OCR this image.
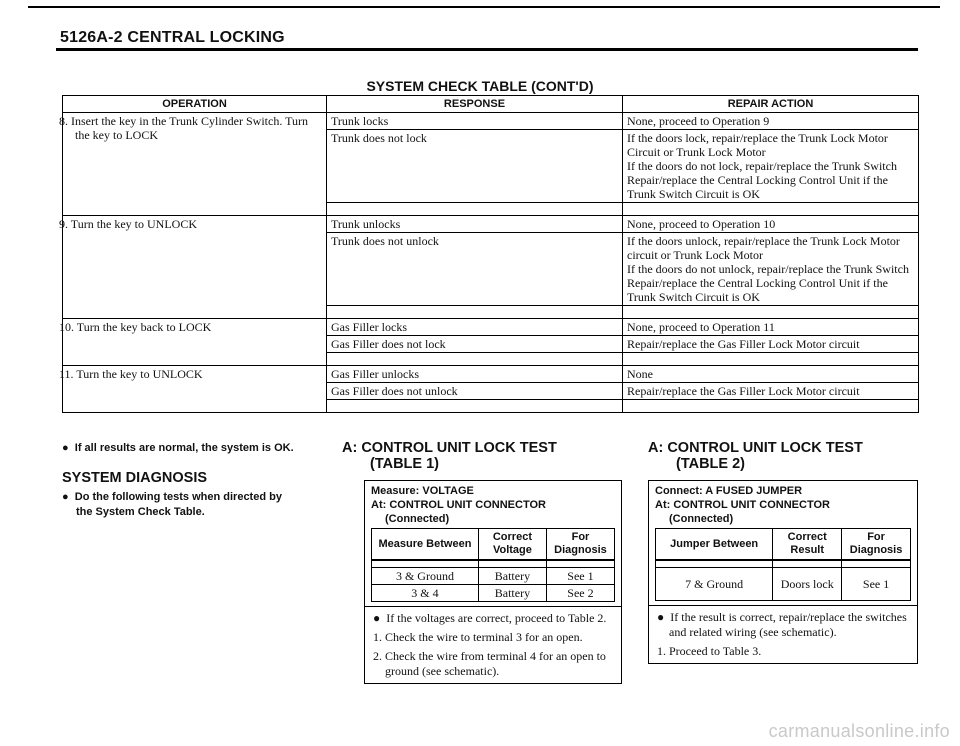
5126A-2 CENTRAL LOCKING
SYSTEM CHECK TABLE (CONT'D)
OPERATION	RESPONSE	REPAIR ACTION
8. Insert the key in the Trunk Cylinder Switch. Turn the key to LOCK	Trunk locks	None, proceed to Operation 9
	Trunk does not lock	If the doors lock, repair/replace the Trunk Lock Motor Circuit or Trunk Lock Motor
If the doors do not lock, repair/replace the Trunk Switch
Repair/replace the Central Locking Control Unit if the Trunk Switch Circuit is OK

9. Turn the key to UNLOCK	Trunk unlocks	None, proceed to Operation 10
	Trunk does not unlock	If the doors unlock, repair/replace the Trunk Lock Motor circuit or Trunk Lock Motor
If the doors do not unlock, repair/replace the Trunk Switch
Repair/replace the Central Locking Control Unit if the Trunk Switch Circuit is OK

10. Turn the key back to LOCK	Gas Filler locks	None, proceed to Operation 11
	Gas Filler does not lock	Repair/replace the Gas Filler Lock Motor circuit

11. Turn the key to UNLOCK	Gas Filler unlocks	None
	Gas Filler does not unlock	Repair/replace the Gas Filler Lock Motor circuit

●  If all results are normal, the system is OK.
SYSTEM DIAGNOSIS
●  Do the following tests when directed by
the System Check Table.
A: CONTROL UNIT LOCK TEST
(TABLE 1)
Measure: VOLTAGE
At: CONTROL UNIT CONNECTOR
(Connected)
Measure Between	Correct Voltage	For Diagnosis

3 & Ground	Battery	See 1
3 & 4	Battery	See 2

●  If the voltages are correct, proceed to Table 2.

1. Check the wire to terminal 3 for an open.

2. Check the wire from terminal 4 for an open to ground (see schematic).

A: CONTROL UNIT LOCK TEST
(TABLE 2)
Connect: A FUSED JUMPER
At: CONTROL UNIT CONNECTOR
(Connected)
Jumper Between	Correct Result	For Diagnosis

7 & Ground	Doors lock	See 1

●  If the result is correct, repair/replace the switches and related wiring (see schematic).

1. Proceed to Table 3.

carmanualsonline.info
